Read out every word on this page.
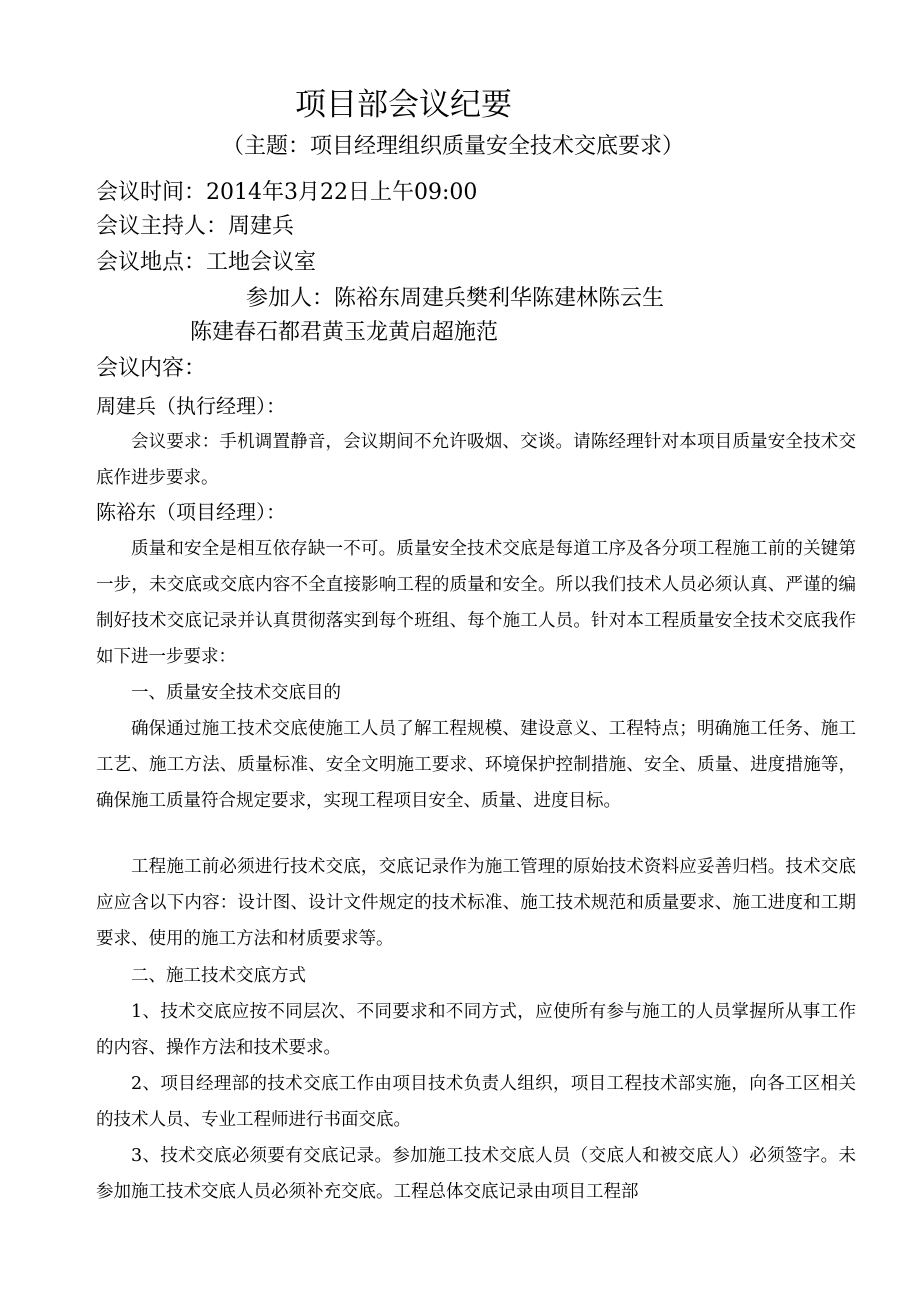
项目部会议纪要
（主题：项目经理组织质量安全技术交底要求）
会议时间：2014年3月22日上午09:00
会议主持人：周建兵
会议地点：工地会议室
参加人：陈裕东周建兵樊利华陈建林陈云生
陈建春石都君黄玉龙黄启超施范
会议内容：
周建兵（执行经理）：
会议要求：手机调置静音，会议期间不允许吸烟、交谈。请陈经理针对本项目质量安全技术交底作进步要求。
陈裕东（项目经理）：
质量和安全是相互依存缺一不可。质量安全技术交底是每道工序及各分项工程施工前的关键第一步，未交底或交底内容不全直接影响工程的质量和安全。所以我们技术人员必须认真、严谨的编制好技术交底记录并认真贯彻落实到每个班组、每个施工人员。针对本工程质量安全技术交底我作如下进一步要求：
一、质量安全技术交底目的
确保通过施工技术交底使施工人员了解工程规模、建设意义、工程特点；明确施工任务、施工工艺、施工方法、质量标准、安全文明施工要求、环境保护控制措施、安全、质量、进度措施等，确保施工质量符合规定要求，实现工程项目安全、质量、进度目标。
工程施工前必须进行技术交底，交底记录作为施工管理的原始技术资料应妥善归档。技术交底应应含以下内容：设计图、设计文件规定的技术标准、施工技术规范和质量要求、施工进度和工期要求、使用的施工方法和材质要求等。
二、施工技术交底方式
1、技术交底应按不同层次、不同要求和不同方式，应使所有参与施工的人员掌握所从事工作的内容、操作方法和技术要求。
2、项目经理部的技术交底工作由项目技术负责人组织，项目工程技术部实施，向各工区相关的技术人员、专业工程师进行书面交底。
3、技术交底必须要有交底记录。参加施工技术交底人员（交底人和被交底人）必须签字。未参加施工技术交底人员必须补充交底。工程总体交底记录由项目工程部
